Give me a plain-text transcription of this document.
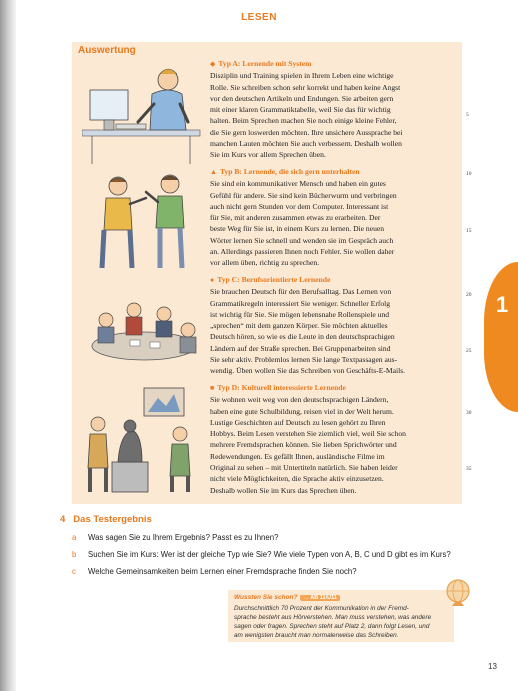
LESEN
Auswertung
◆ Typ A: Lernende mit System
Disziplin und Training spielen in Ihrem Leben eine wichtige
Rolle. Sie schreiben schon sehr korrekt und haben keine Angst
vor den deutschen Artikeln und Endungen. Sie arbeiten gern
mit einer klaren Grammatiktabelle, weil Sie das für wichtig
halten. Beim Sprechen machen Sie noch einige kleine Fehler,
die Sie gern loswerden möchten. Ihre unsichere Aussprache bei
manchen Lauten möchten Sie auch verbessern. Deshalb wollen
Sie im Kurs vor allem Sprechen üben.
▲ Typ B: Lernende, die sich gern unterhalten
Sie sind ein kommunikativer Mensch und haben ein gutes
Gefühl für andere. Sie sind kein Bücherwurm und verbringen
auch nicht gern Stunden vor dem Computer. Interessant ist
für Sie, mit anderen zusammen etwas zu erarbeiten. Der
beste Weg für Sie ist, in einem Kurs zu lernen. Die neuen
Wörter lernen Sie schnell und wenden sie im Gespräch auch
an. Allerdings passieren Ihnen noch Fehler. Sie wollen daher
vor allem üben, richtig zu sprechen.
● Typ C: Berufsorientierte Lernende
Sie brauchen Deutsch für den Berufsalltag. Das Lernen von
Grammatikregeln interessiert Sie weniger. Schneller Erfolg
ist wichtig für Sie. Sie mögen lebensnahe Rollenspiele und
„sprechen“ mit dem ganzen Körper. Sie möchten aktuelles
Deutsch hören, so wie es die Leute in den deutschsprachigen
Ländern auf der Straße sprechen. Bei Gruppenarbeiten sind
Sie sehr aktiv. Problemlos lernen Sie lange Textpassagen aus-
wendig. Üben wollen Sie das Schreiben von Geschäfts-E-Mails.
■ Typ D: Kulturell interessierte Lernende
Sie wohnen weit weg von den deutschsprachigen Ländern,
haben eine gute Schulbildung, reisen viel in der Welt herum.
Lustige Geschichten auf Deutsch zu lesen gehört zu Ihren
Hobbys. Beim Lesen verstehen Sie ziemlich viel, weil Sie schon
mehrere Fremdsprachen können. Sie lieben Sprichwörter und
Redewendungen. Es gefällt Ihnen, ausländische Filme im
Original zu sehen – mit Untertiteln natürlich. Sie haben leider
nicht viele Möglichkeiten, die Sprache aktiv einzusetzen.
Deshalb wollen Sie im Kurs das Sprechen üben.
5
10
15
20
25
30
35
1
4 Das Testergebnis
a Was sagen Sie zu Ihrem Ergebnis? Passt es zu Ihnen?
b Suchen Sie im Kurs: Wer ist der gleiche Typ wie Sie? Wie viele Typen von A, B, C und D gibt es im Kurs?
c Welche Gemeinsamkeiten beim Lernen einer Fremdsprache finden Sie noch?
Wussten Sie schon? → AB 11/U11
Durchschnittlich 70 Prozent der Kommunikation in der Fremd-
sprache besteht aus Hörverstehen. Man muss verstehen, was andere
sagen oder fragen. Sprechen steht auf Platz 2, dann folgt Lesen, und
am wenigsten braucht man normalerweise das Schreiben.
13
